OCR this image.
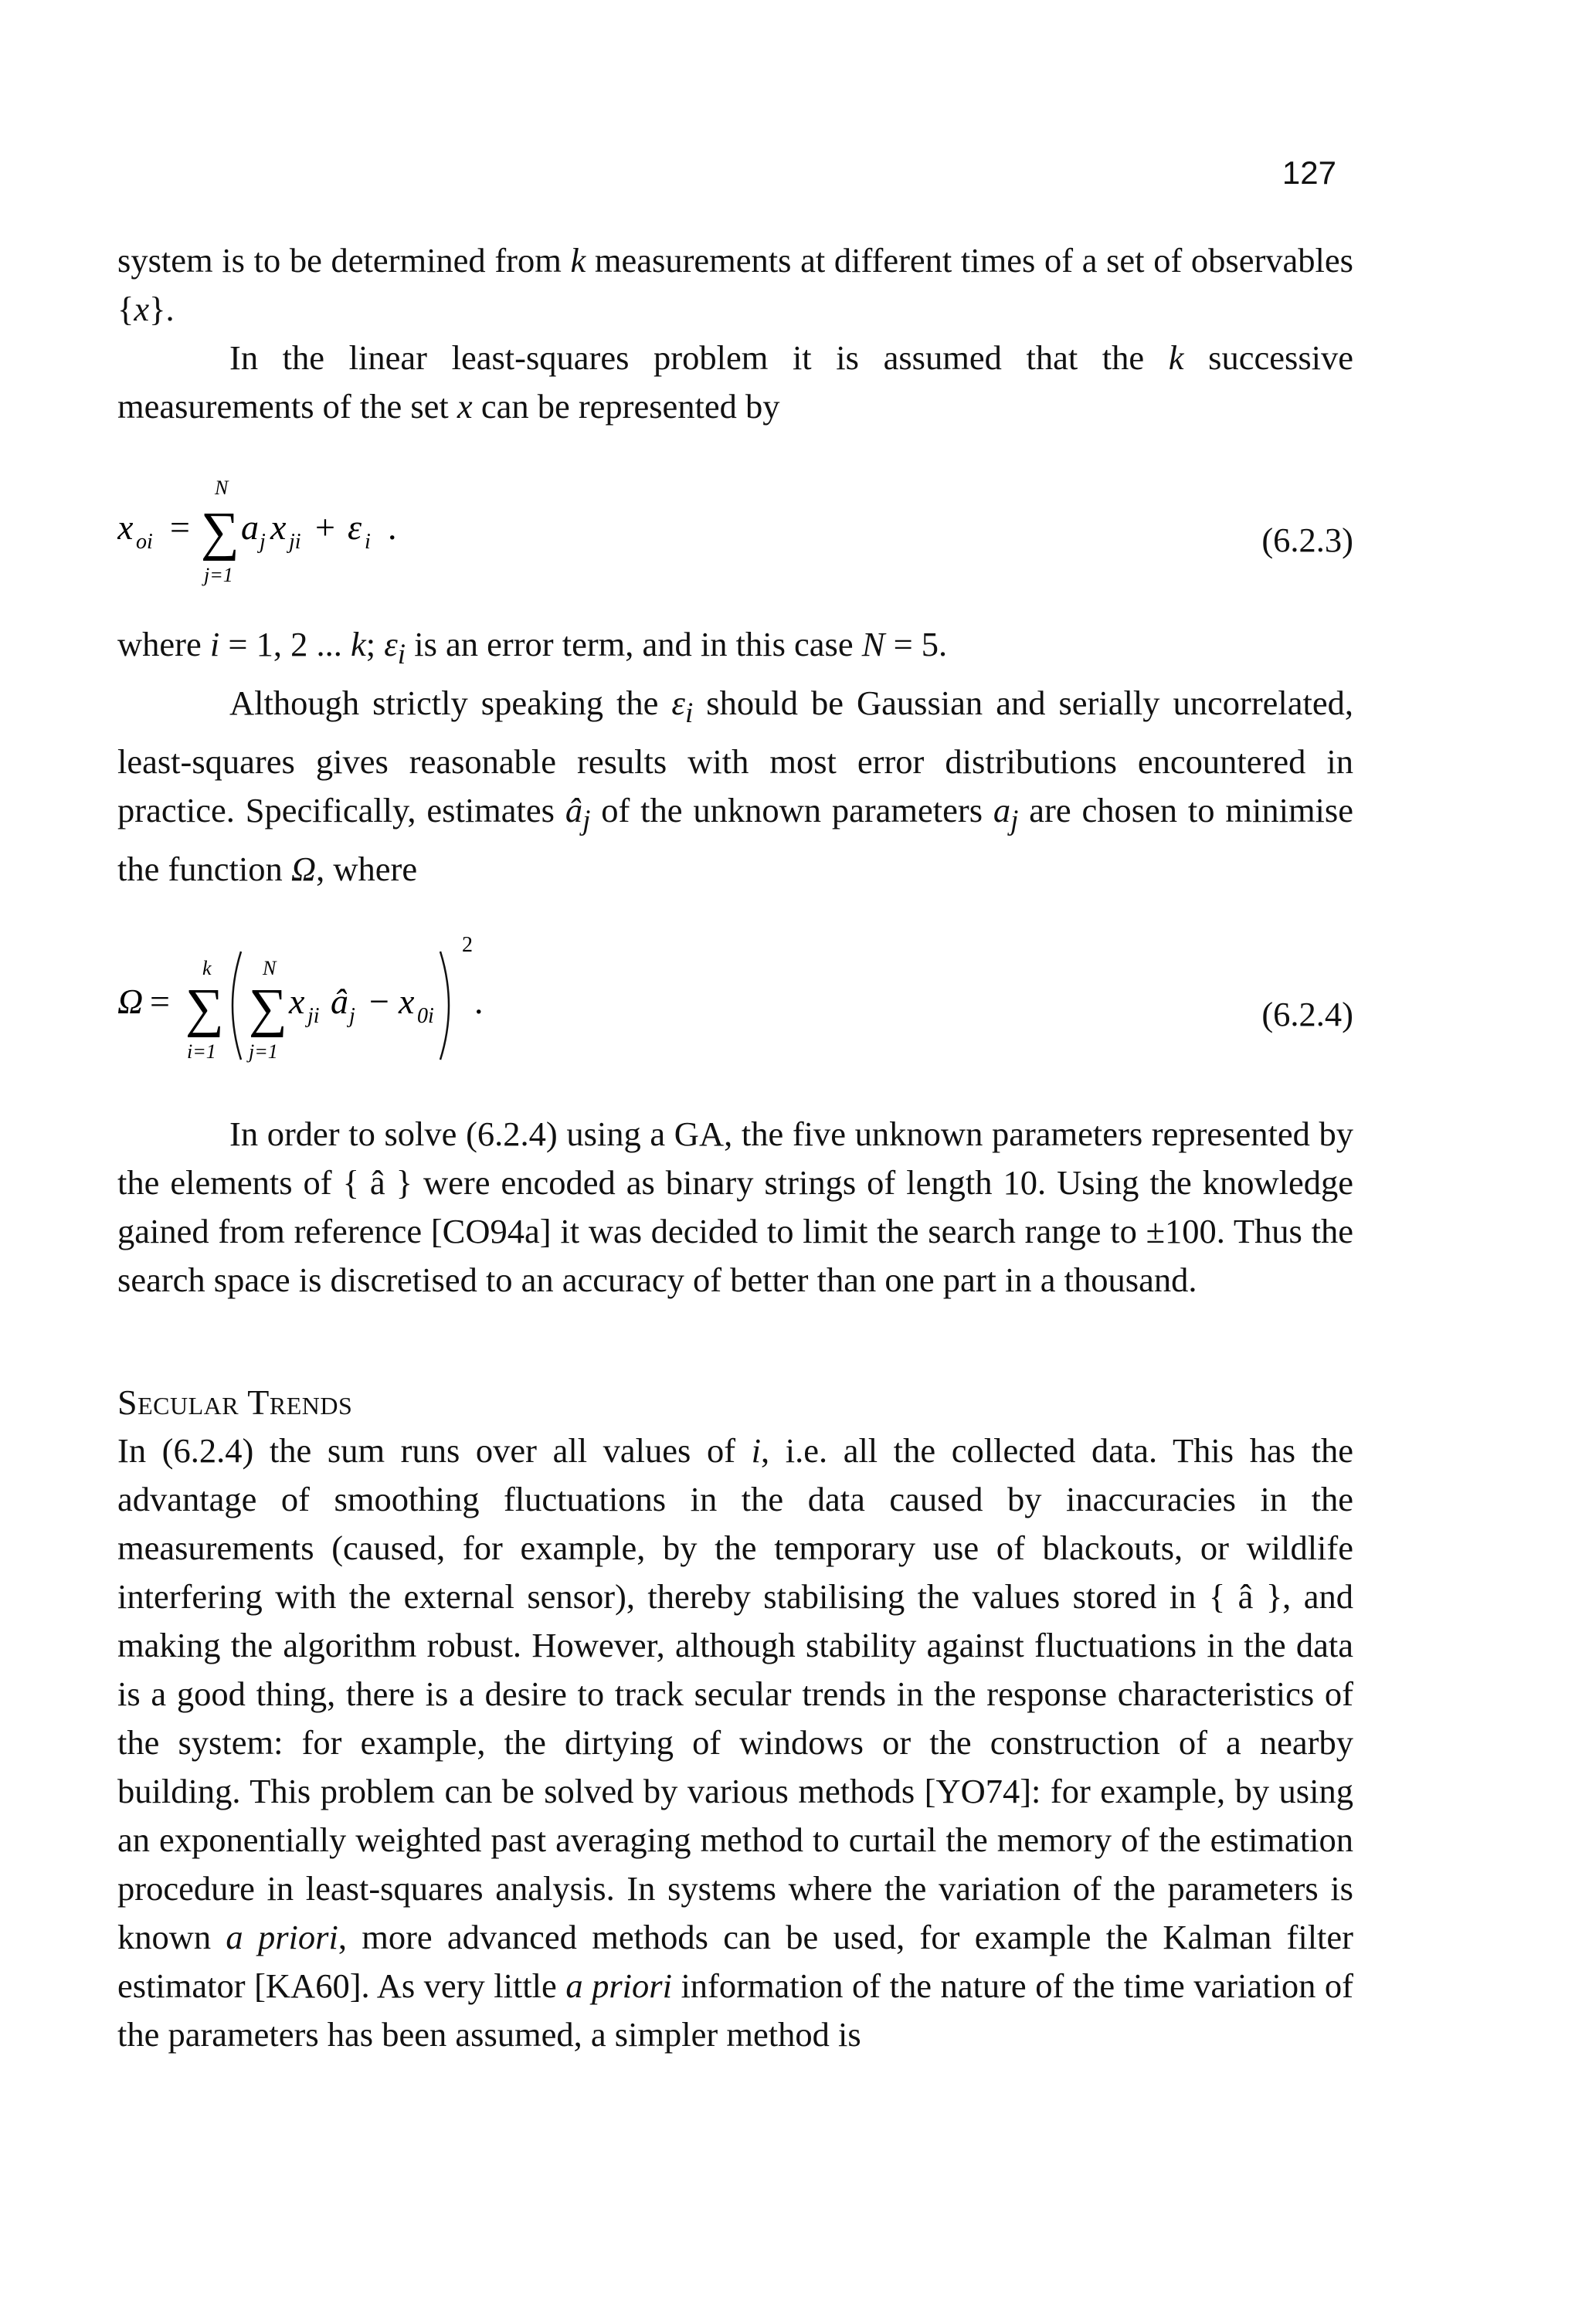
127

system is to be determined from k measurements at different times of a set of observables {x}.

In the linear least-squares problem it is assumed that the k successive measurements of the set x can be represented by

x oi =
N
∑
j=1
a j x ji + ε i .	(6.2.3)

where i = 1, 2 ... k; $\varepsilon_i$ is an error term, and in this case N = 5.

Although strictly speaking the $\varepsilon_i$ should be Gaussian and serially uncorrelated, least-squares gives reasonable results with most error distributions encountered in practice. Specifically, estimates $â_j$ of the unknown parameters $a_j$ are chosen to minimise the function Ω, where

Ω =
k
∑
i=1
N
∑
j=1
x ji â j − x 0i
2
.	(6.2.4)

In order to solve (6.2.4) using a GA, the five unknown parameters represented by the elements of { â } were encoded as binary strings of length 10. Using the knowledge gained from reference [CO94a] it was decided to limit the search range to ±100. Thus the search space is discretised to an accuracy of better than one part in a thousand.

Secular Trends

In (6.2.4) the sum runs over all values of i, i.e. all the collected data. This has the advantage of smoothing fluctuations in the data caused by inaccuracies in the measurements (caused, for example, by the temporary use of blackouts, or wildlife interfering with the external sensor), thereby stabilising the values stored in { â }, and making the algorithm robust. However, although stability against fluctuations in the data is a good thing, there is a desire to track secular trends in the response characteristics of the system: for example, the dirtying of windows or the construction of a nearby building. This problem can be solved by various methods [YO74]: for example, by using an exponentially weighted past averaging method to curtail the memory of the estimation procedure in least-squares analysis. In systems where the variation of the parameters is known a priori, more advanced methods can be used, for example the Kalman filter estimator [KA60]. As very little a priori information of the nature of the time variation of the parameters has been assumed, a simpler method is
